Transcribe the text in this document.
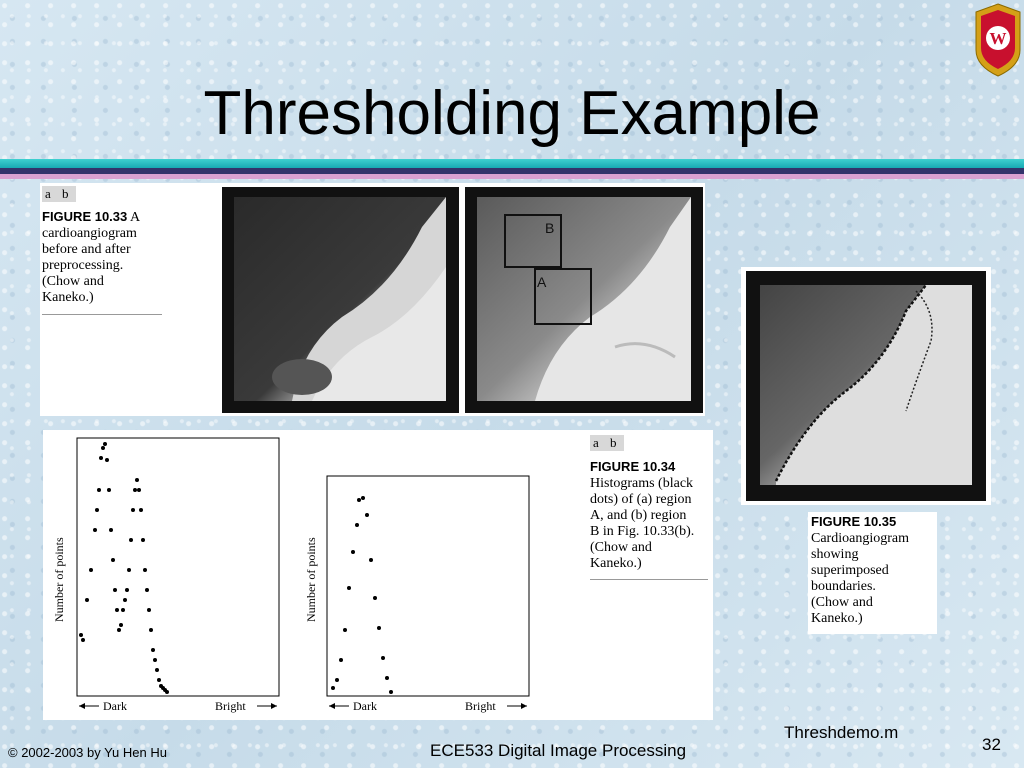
Thresholding Example
W
a b
FIGURE 10.33 A
cardioangiogram
before and after
preprocessing.
(Chow and
Kaneko.)
B
A
Number of points
Dark	Bright
Number of points
Dark	Bright
a b
FIGURE 10.34
Histograms (black
dots) of (a) region
A, and (b) region
B in Fig. 10.33(b).
(Chow and
Kaneko.)
FIGURE 10.35
Cardioangiogram
showing
superimposed
boundaries.
(Chow and
Kaneko.)
© 2002-2003 by Yu Hen Hu	ECE533 Digital Image Processing
Threshdemo.m
32
